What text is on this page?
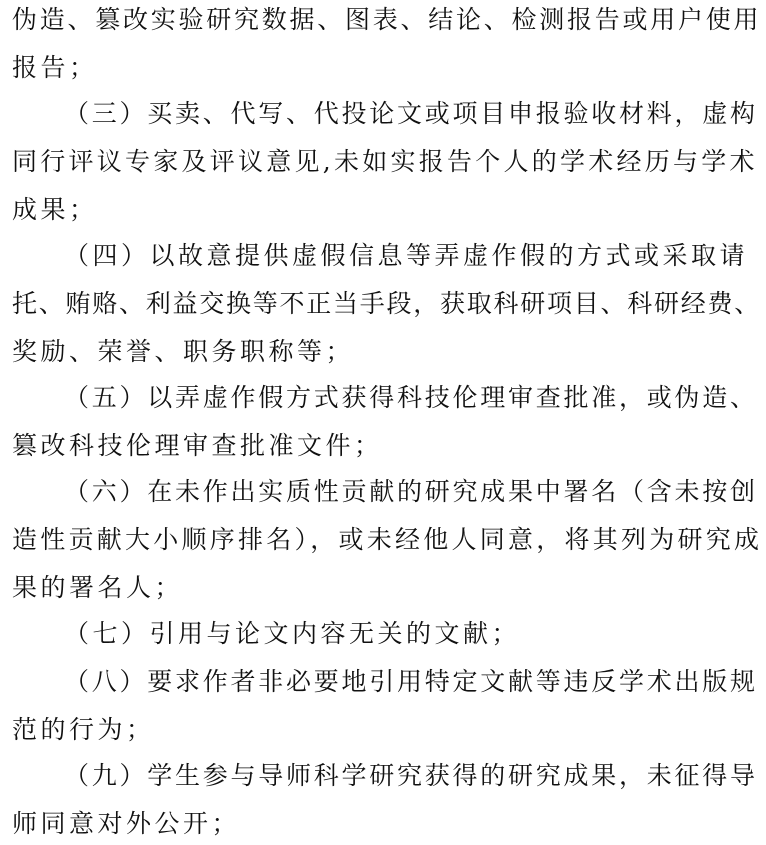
伪造、篡改实验研究数据、图表、结论、检测报告或用户使用

报告；

（三）买卖、代写、代投论文或项目申报验收材料，虚构

同行评议专家及评议意见,未如实报告个人的学术经历与学术

成果；

（四）以故意提供虚假信息等弄虚作假的方式或采取请

托、贿赂、利益交换等不正当手段，获取科研项目、科研经费、

奖励、荣誉、职务职称等；

（五）以弄虚作假方式获得科技伦理审查批准，或伪造、

篡改科技伦理审查批准文件；

（六）在未作出实质性贡献的研究成果中署名（含未按创

造性贡献大小顺序排名），或未经他人同意，将其列为研究成

果的署名人；

（七）引用与论文内容无关的文献；

（八）要求作者非必要地引用特定文献等违反学术出版规

范的行为；

（九）学生参与导师科学研究获得的研究成果，未征得导

师同意对外公开；
